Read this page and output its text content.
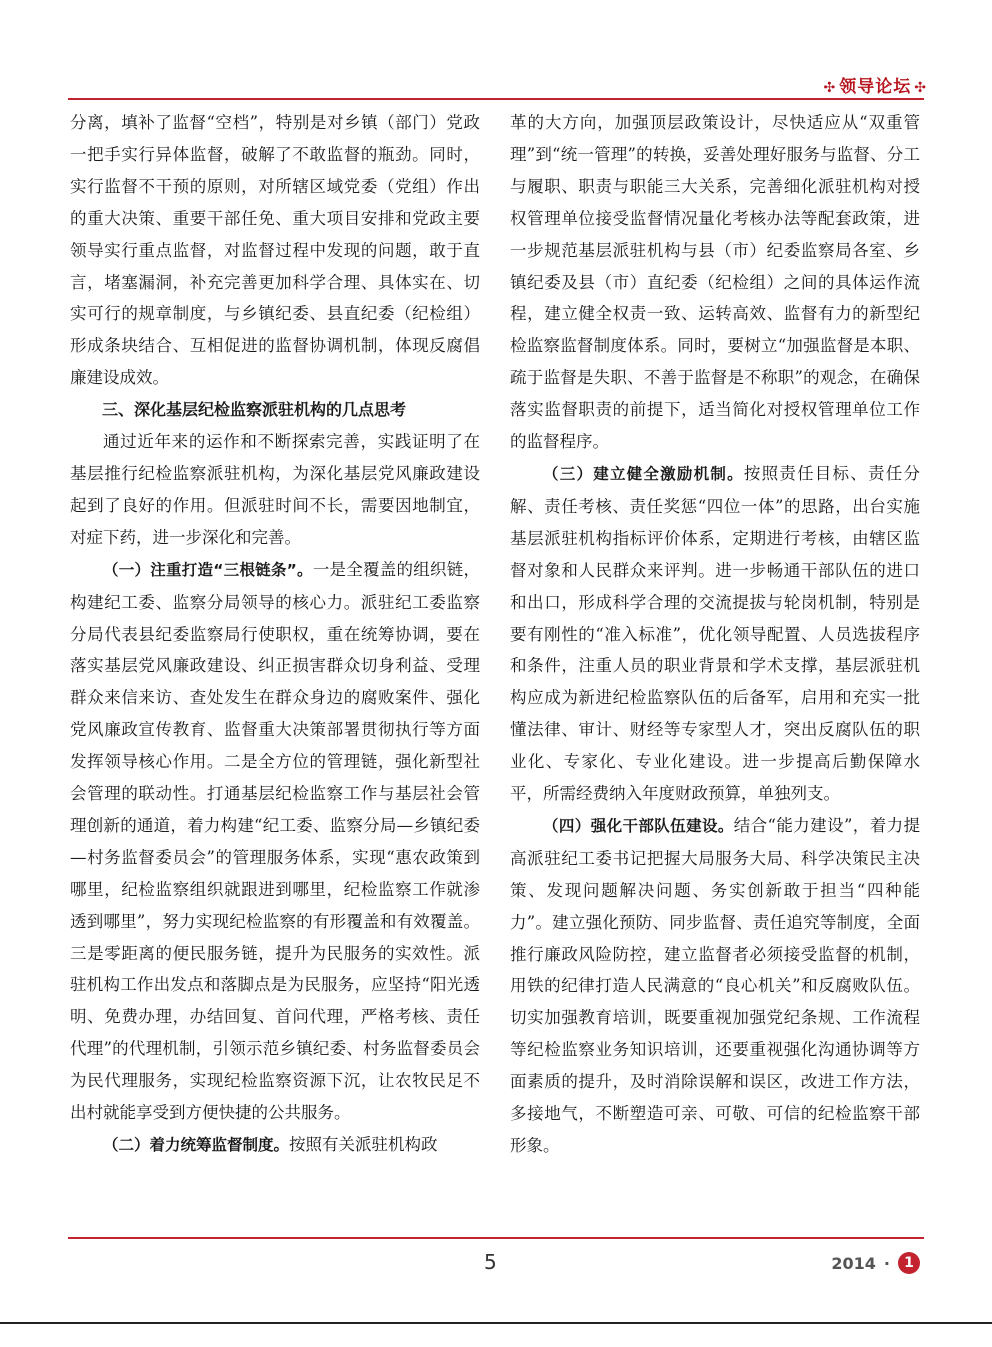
✣ 领导论坛 ✣

分离，填补了监督“空档”，特别是对乡镇（部门）党政一把手实行异体监督，破解了不敢监督的瓶劲。同时，实行监督不干预的原则，对所辖区域党委（党组）作出的重大决策、重要干部任免、重大项目安排和党政主要领导实行重点监督，对监督过程中发现的问题，敢于直言，堵塞漏洞，补充完善更加科学合理、具体实在、切实可行的规章制度，与乡镇纪委、县直纪委（纪检组）形成条块结合、互相促进的监督协调机制，体现反腐倡廉建设成效。

三、深化基层纪检监察派驻机构的几点思考

通过近年来的运作和不断探索完善，实践证明了在基层推行纪检监察派驻机构，为深化基层党风廉政建设起到了良好的作用。但派驻时间不长，需要因地制宜，对症下药，进一步深化和完善。

（一）注重打造“三根链条”。一是全覆盖的组织链，构建纪工委、监察分局领导的核心力。派驻纪工委监察分局代表县纪委监察局行使职权，重在统筹协调，要在落实基层党风廉政建设、纠正损害群众切身利益、受理群众来信来访、查处发生在群众身边的腐败案件、强化党风廉政宣传教育、监督重大决策部署贯彻执行等方面发挥领导核心作用。二是全方位的管理链，强化新型社会管理的联动性。打通基层纪检监察工作与基层社会管理创新的通道，着力构建“纪工委、监察分局—乡镇纪委—村务监督委员会”的管理服务体系，实现“惠农政策到哪里，纪检监察组织就跟进到哪里，纪检监察工作就渗透到哪里”，努力实现纪检监察的有形覆盖和有效覆盖。三是零距离的便民服务链，提升为民服务的实效性。派驻机构工作出发点和落脚点是为民服务，应坚持“阳光透明、免费办理，办结回复、首问代理，严格考核、责任代理”的代理机制，引领示范乡镇纪委、村务监督委员会为民代理服务，实现纪检监察资源下沉，让农牧民足不出村就能享受到方便快捷的公共服务。

（二）着力统筹监督制度。按照有关派驻机构政

革的大方向，加强顶层政策设计，尽快适应从“双重管理”到“统一管理”的转换，妥善处理好服务与监督、分工与履职、职责与职能三大关系，完善细化派驻机构对授权管理单位接受监督情况量化考核办法等配套政策，进一步规范基层派驻机构与县（市）纪委监察局各室、乡镇纪委及县（市）直纪委（纪检组）之间的具体运作流程，建立健全权责一致、运转高效、监督有力的新型纪检监察监督制度体系。同时，要树立“加强监督是本职、疏于监督是失职、不善于监督是不称职”的观念，在确保落实监督职责的前提下，适当简化对授权管理单位工作的监督程序。

（三）建立健全激励机制。按照责任目标、责任分解、责任考核、责任奖惩“四位一体”的思路，出台实施基层派驻机构指标评价体系，定期进行考核，由辖区监督对象和人民群众来评判。进一步畅通干部队伍的进口和出口，形成科学合理的交流提拔与轮岗机制，特别是要有刚性的“准入标准”，优化领导配置、人员选拔程序和条件，注重人员的职业背景和学术支撑，基层派驻机构应成为新进纪检监察队伍的后备军，启用和充实一批懂法律、审计、财经等专家型人才，突出反腐队伍的职业化、专家化、专业化建设。进一步提高后勤保障水平，所需经费纳入年度财政预算，单独列支。

（四）强化干部队伍建设。结合“能力建设”，着力提高派驻纪工委书记把握大局服务大局、科学决策民主决策、发现问题解决问题、务实创新敢于担当“四种能力”。建立强化预防、同步监督、责任追究等制度，全面推行廉政风险防控，建立监督者必须接受监督的机制，用铁的纪律打造人民满意的“良心机关”和反腐败队伍。切实加强教育培训，既要重视加强党纪条规、工作流程等纪检监察业务知识培训，还要重视强化沟通协调等方面素质的提升，及时消除误解和误区，改进工作方法，多接地气，不断塑造可亲、可敬、可信的纪检监察干部形象。

5	2014 ·	1
